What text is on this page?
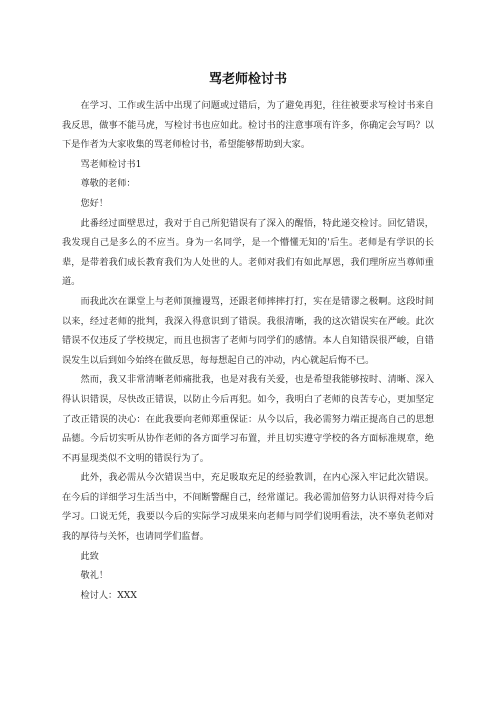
骂老师检讨书

在学习、工作或生活中出现了问题或过错后，为了避免再犯，往往被要求写检讨书来自我反思，做事不能马虎，写检讨书也应如此。检讨书的注意事项有许多，你确定会写吗？以下是作者为大家收集的骂老师检讨书，希望能够帮助到大家。

骂老师检讨书1

尊敬的老师：

您好！

此番经过面壁思过，我对于自己所犯错误有了深入的醒悟，特此递交检讨。回忆错误，我发现自己是多么的不应当。身为一名同学，是一个懵懂无知的'后生。老师是有学识的长辈，是带着我们成长教育我们为人处世的人。老师对我们有如此厚恩，我们理所应当尊师重道。

而我此次在课堂上与老师顶撞谩骂，还跟老师摔摔打打，实在是错谬之极啊。这段时间以来，经过老师的批判，我深入得意识到了错误。我很清晰，我的这次错误实在严峻。此次错误不仅违反了学校规定，而且也损害了老师与同学们的感情。本人自知错误很严峻，自错误发生以后到如今始终在做反思，每每想起自己的冲动，内心就起后悔不已。

然而，我又非常清晰老师痛批我，也是对我有关爱，也是希望我能够按时、清晰、深入得认识错误，尽快改正错误，以防止今后再犯。如今，我明白了老师的良苦专心，更加坚定了改正错误的决心：在此我要向老师郑重保证：从今以后，我必需努力端正提高自己的思想品德。今后切实听从协作老师的各方面学习布置，并且切实遵守学校的各方面标准规章，绝不再显现类似不文明的错误行为了。

此外，我必需从今次错误当中，充足吸取充足的经验教训，在内心深入牢记此次错误。在今后的详细学习生活当中，不间断警醒自己，经常谨记。我必需加倍努力认识得对待今后学习。口说无凭，我要以今后的实际学习成果来向老师与同学们说明看法，决不辜负老师对我的厚待与关怀，也请同学们监督。

此致

敬礼！

检讨人：XXX
